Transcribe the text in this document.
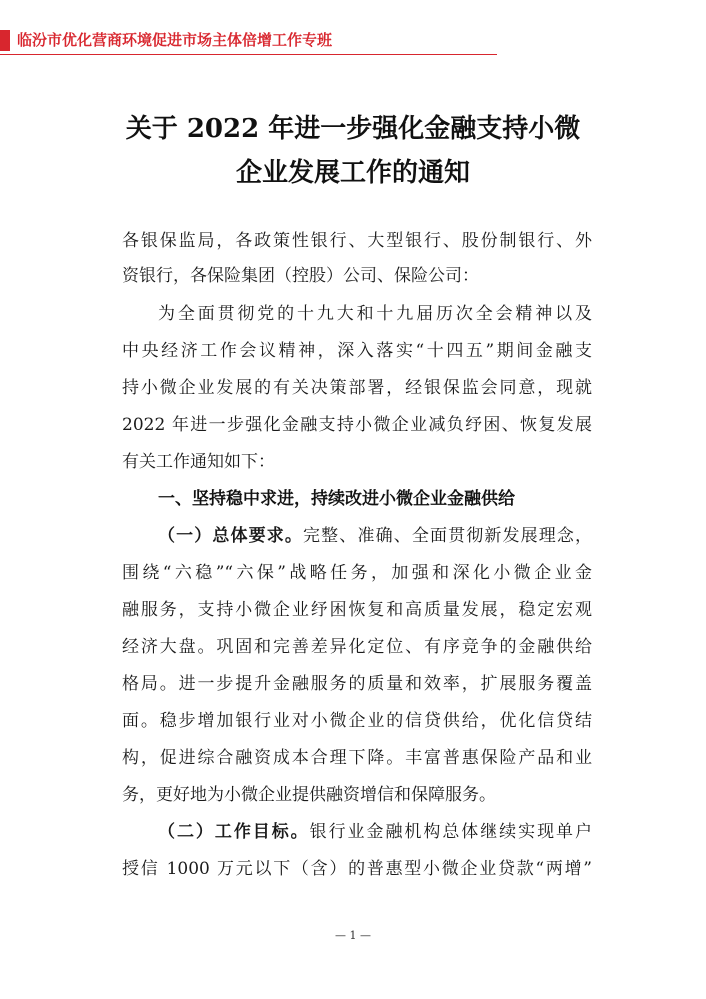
临汾市优化营商环境促进市场主体倍增工作专班
关于 2022 年进一步强化金融支持小微
企业发展工作的通知
各银保监局，各政策性银行、大型银行、股份制银行、外
资银行，各保险集团（控股）公司、保险公司：
为全面贯彻党的十九大和十九届历次全会精神以及
中央经济工作会议精神，深入落实“十四五”期间金融支
持小微企业发展的有关决策部署，经银保监会同意，现就
2022 年进一步强化金融支持小微企业减负纾困、恢复发展
有关工作通知如下：
一、坚持稳中求进，持续改进小微企业金融供给
（一）总体要求。完整、准确、全面贯彻新发展理念，
围绕“六稳”“六保”战略任务，加强和深化小微企业金
融服务，支持小微企业纾困恢复和高质量发展，稳定宏观
经济大盘。巩固和完善差异化定位、有序竞争的金融供给
格局。进一步提升金融服务的质量和效率，扩展服务覆盖
面。稳步增加银行业对小微企业的信贷供给，优化信贷结
构，促进综合融资成本合理下降。丰富普惠保险产品和业
务，更好地为小微企业提供融资增信和保障服务。
（二）工作目标。银行业金融机构总体继续实现单户
授信 1000 万元以下（含）的普惠型小微企业贷款“两增”
— 1 —
